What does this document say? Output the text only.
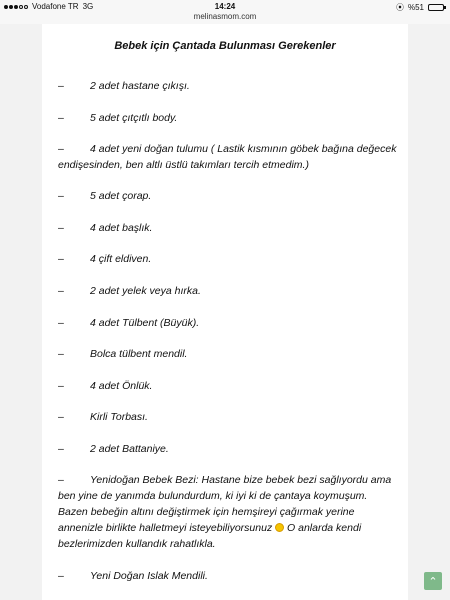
Vodafone TR 3G	14:24	⦿ %51
melinasmom.com
Bebek için Çantada Bulunması Gerekenler
–	2 adet hastane çıkışı.
–	5 adet çıtçıtlı body.
–	4 adet yeni doğan tulumu ( Lastik kısmının göbek bağına değecek endişesinden, ben altlı üstlü takımları tercih etmedim.)
–	5 adet çorap.
–	4 adet başlık.
–	4 çift eldiven.
–	2 adet yelek veya hırka.
–	4 adet Tülbent (Büyük).
–	Bolca tülbent mendil.
–	4 adet Önlük.
–	Kirli Torbası.
–	2 adet Battaniye.
–	Yenidoğan Bebek Bezi: Hastane bize bebek bezi sağlıyordu ama ben yine de yanımda bulundurdum, ki iyi ki de çantaya koymuşum. Bazen bebeğin altını değiştirmek için hemşireyi çağırmak yerine annenizle birlikte halletmeyi isteyebiliyorsunuz  O anlarda kendi bezlerimizden kullandık rahatlıkla.
–	Yeni Doğan Islak Mendili.	⌃
